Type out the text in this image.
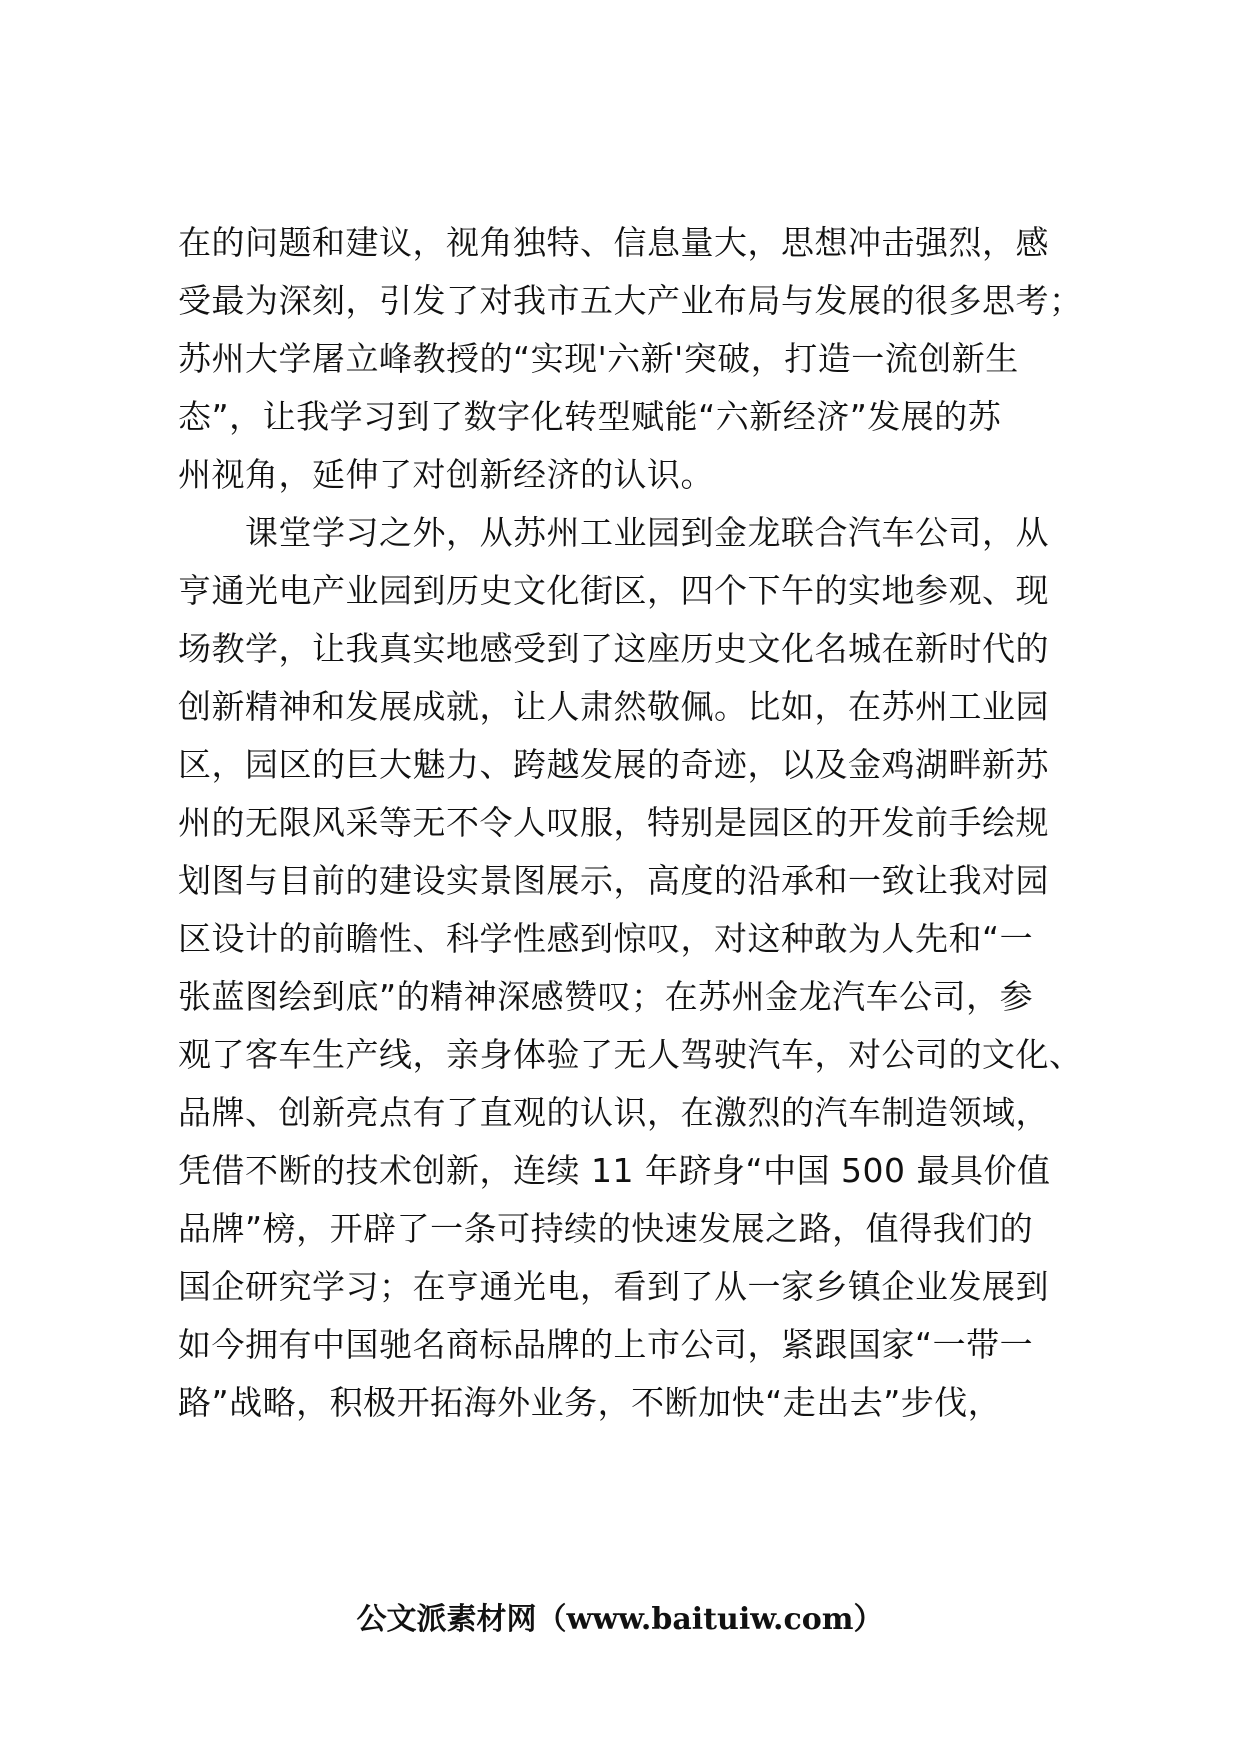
在的问题和建议，视角独特、信息量大，思想冲击强烈，感
受最为深刻，引发了对我市五大产业布局与发展的很多思考；
苏州大学屠立峰教授的“实现'六新'突破，打造一流创新生
态”，让我学习到了数字化转型赋能“六新经济”发展的苏
州视角，延伸了对创新经济的认识。
　　课堂学习之外，从苏州工业园到金龙联合汽车公司，从
亨通光电产业园到历史文化街区，四个下午的实地参观、现
场教学，让我真实地感受到了这座历史文化名城在新时代的
创新精神和发展成就，让人肃然敬佩。比如，在苏州工业园
区，园区的巨大魅力、跨越发展的奇迹，以及金鸡湖畔新苏
州的无限风采等无不令人叹服，特别是园区的开发前手绘规
划图与目前的建设实景图展示，高度的沿承和一致让我对园
区设计的前瞻性、科学性感到惊叹，对这种敢为人先和“一
张蓝图绘到底”的精神深感赞叹；在苏州金龙汽车公司，参
观了客车生产线，亲身体验了无人驾驶汽车，对公司的文化、
品牌、创新亮点有了直观的认识，在激烈的汽车制造领域，
凭借不断的技术创新，连续 11 年跻身“中国 500 最具价值
品牌”榜，开辟了一条可持续的快速发展之路，值得我们的
国企研究学习；在亨通光电，看到了从一家乡镇企业发展到
如今拥有中国驰名商标品牌的上市公司，紧跟国家“一带一
路”战略，积极开拓海外业务，不断加快“走出去”步伐，
公文派素材网（www.baituiw.com）
